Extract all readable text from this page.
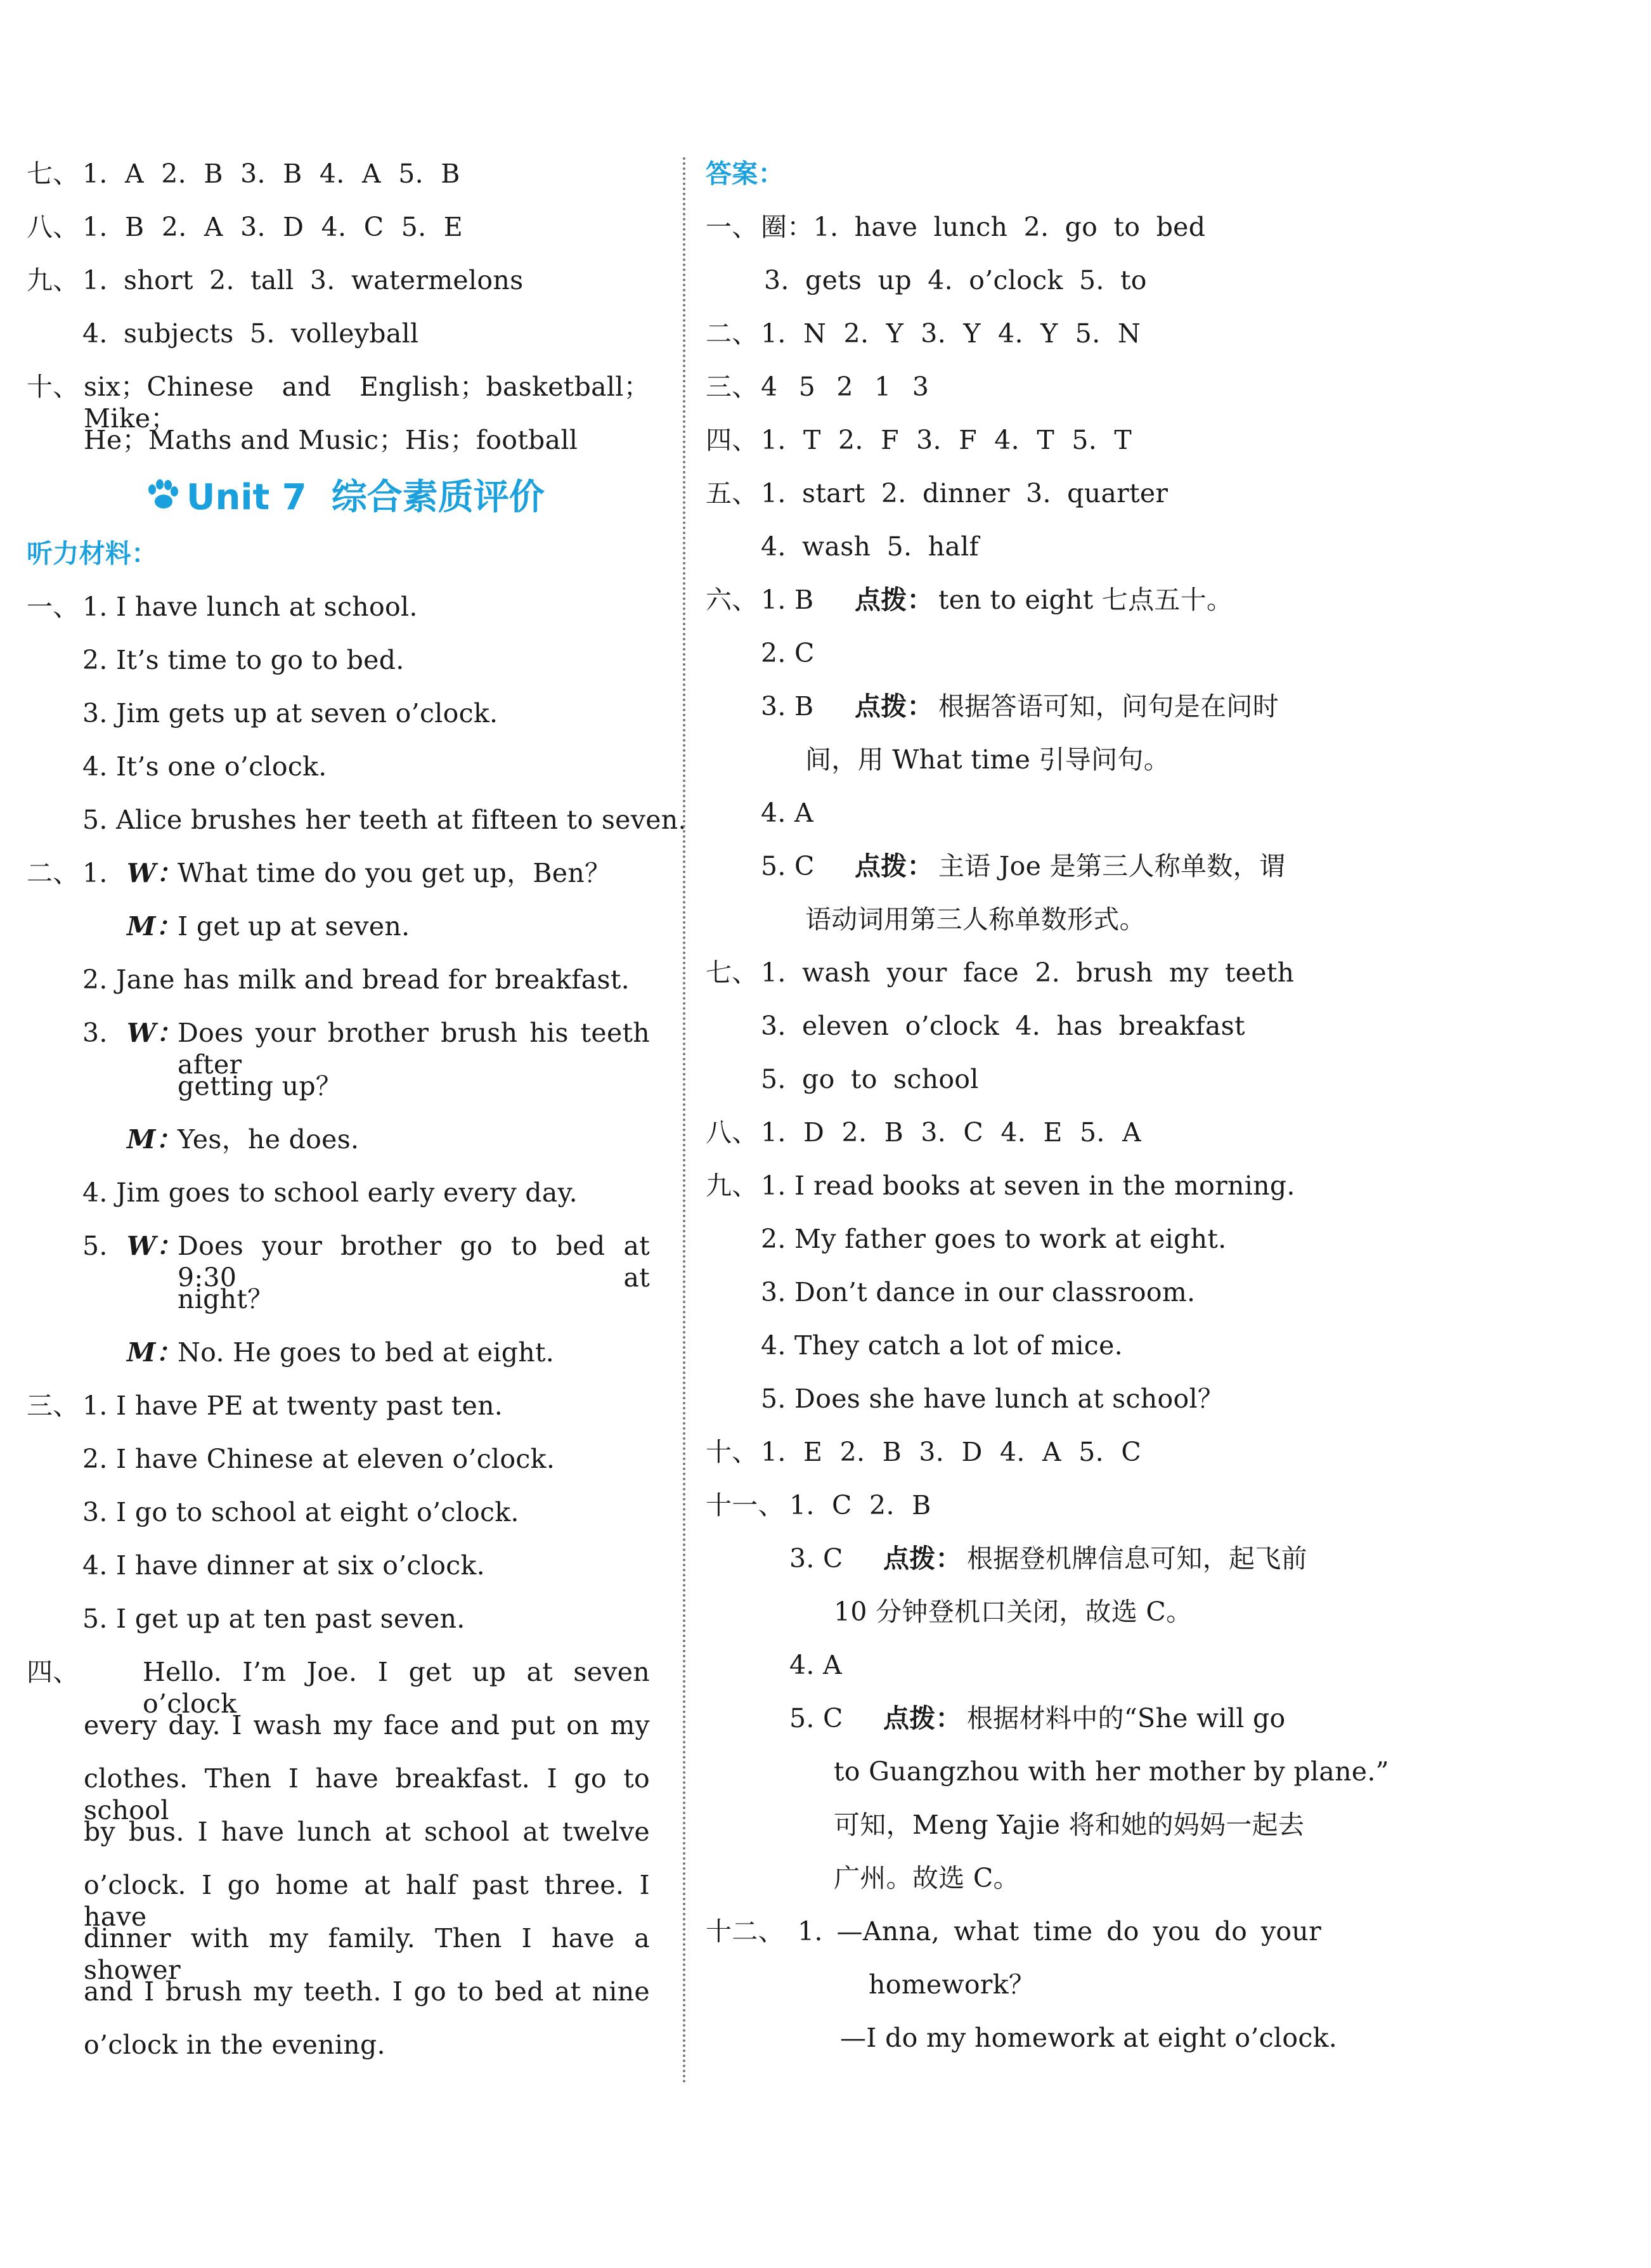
七、 1. A 2. B 3. B 4. A 5. B
八、 1. B 2. A 3. D 4. C 5. E
九、 1. short 2. tall 3. watermelons
4. subjects 5. volleyball
十、 six；Chinese and English；basketball；Mike；
He；Maths and Music；His；football
Unit 7  综合素质评价
听力材料：
一、 1. I have lunch at school.
2. It’s time to go to bed.
3. Jim gets up at seven o’clock.
4. It’s one o’clock.
5. Alice brushes her teeth at fifteen to seven.
二、 1. W：
What time do you get up，Ben？
M：
I get up at seven.
2. Jane has milk and bread for breakfast.
3. W：
Does your brother brush his teeth after
getting up？
M：
Yes，he does.
4. Jim goes to school early every day.
5. W：
Does your brother go to bed at 9:30 at
night？
M：
No. He goes to bed at eight.
三、 1. I have PE at twenty past ten.
2. I have Chinese at eleven o’clock.
3. I go to school at eight o’clock.
4. I have dinner at six o’clock.
5. I get up at ten past seven.
四、 Hello. I’m Joe. I get up at seven o’clock
every day. I wash my face and put on my
clothes. Then I have breakfast. I go to school
by bus. I have lunch at school at twelve
o’clock. I go home at half past three. I have
dinner with my family. Then I have a shower
and I brush my teeth. I go to bed at nine
o’clock in the evening.
答案：
一、 圈：1. have lunch 2. go to bed
3. gets up 4. o’clock 5. to
二、 1. N 2. Y 3. Y 4. Y 5. N
三、 4 5 2 1 3
四、 1. T 2. F 3. F 4. T 5. T
五、 1. start 2. dinner 3. quarter
4. wash 5. half
六、 1. B 点拨： ten to eight 七点五十。
2. C
3. B 点拨： 根据答语可知，问句是在问时
间，用 What time 引导问句。
4. A
5. C 点拨： 主语 Joe 是第三人称单数，谓
语动词用第三人称单数形式。
七、 1. wash your face 2. brush my teeth
3. eleven o’clock 4. has breakfast
5. go to school
八、 1. D 2. B 3. C 4. E 5. A
九、 1. I read books at seven in the morning.
2. My father goes to work at eight.
3. Don’t dance in our classroom.
4. They catch a lot of mice.
5. Does she have lunch at school？
十、 1. E 2. B 3. D 4. A 5. C
十一、 1. C 2. B
3. C 点拨： 根据登机牌信息可知，起飞前
10 分钟登机口关闭，故选 C。
4. A
5. C 点拨： 根据材料中的“She will go
to Guangzhou with her mother by plane.”
可知，Meng Yajie 将和她的妈妈一起去
广州。故选 C。
十二、 1. —Anna, what time do you do your
homework？
—I do my homework at eight o’clock.
